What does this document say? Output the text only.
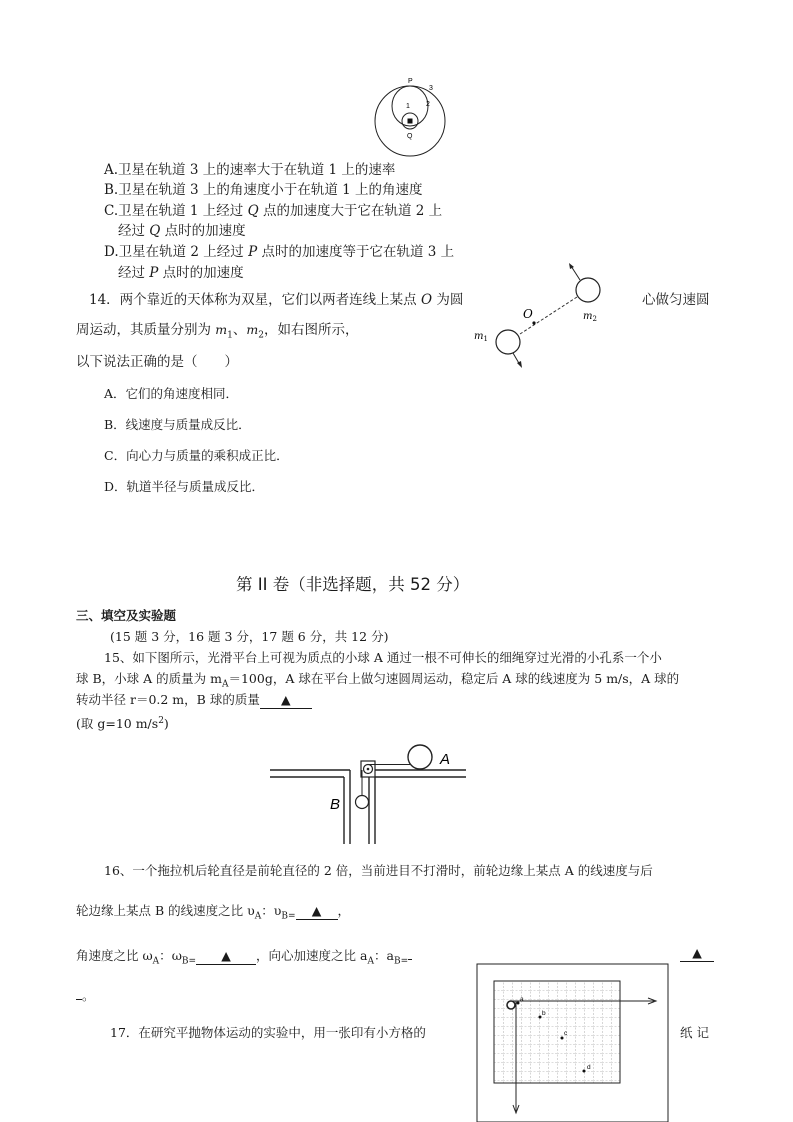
3
2
1
P
Q
A.卫星在轨道 3 上的速率大于在轨道 1 上的速率
B.卫星在轨道 3 上的角速度小于在轨道 1 上的角速度
C.卫星在轨道 1 上经过 Q 点的加速度大于它在轨道 2 上
经过 Q 点时的加速度
D.卫星在轨道 2 上经过 P 点时的加速度等于它在轨道 3 上
经过 P 点时的加速度
14．两个靠近的天体称为双星，它们以两者连线上某点 O 为圆	心做匀速圆
周运动，其质量分别为 $m_1$、$m_2$，如右图所示，
以下说法正确的是（　　）
A．它们的角速度相同．
B．线速度与质量成反比．
C．向心力与质量的乘积成正比．
D．轨道半径与质量成反比．
O	$m_2$
$m_1$
第 II 卷（非选择题，共 52 分）
三、填空及实验题
(15 题 3 分，16 题 3 分，17 题 6 分，共 12 分)
15、如下图所示，光滑平台上可视为质点的小球 A 通过一根不可伸长的细绳穿过光滑的小孔系一个小
球 B，小球 A 的质量为 $m_A=100g$，A 球在平台上做匀速圆周运动，稳定后 A 球的线速度为 5 m/s，A 球的
转动半径 r＝0.2 m，B 球的质量 ▲
(取 g=10 $m/s^2$)
A
B
16、一个拖拉机后轮直径是前轮直径的 2 倍，当前进目不打滑时，前轮边缘上某点 A 的线速度与后
轮边缘上某点 B 的线速度之比 $\upsilon_A$：$\upsilon_{B=}$ ▲ ，
角速度之比 $\omega_A$：$\omega_{B=}$ ▲ ，向心加速度之比 $a_A$：$a_{B=}$
▲
。
17．在研究平抛物体运动的实验中，用一张印有小方格的	纸 记
a
b
c
d
